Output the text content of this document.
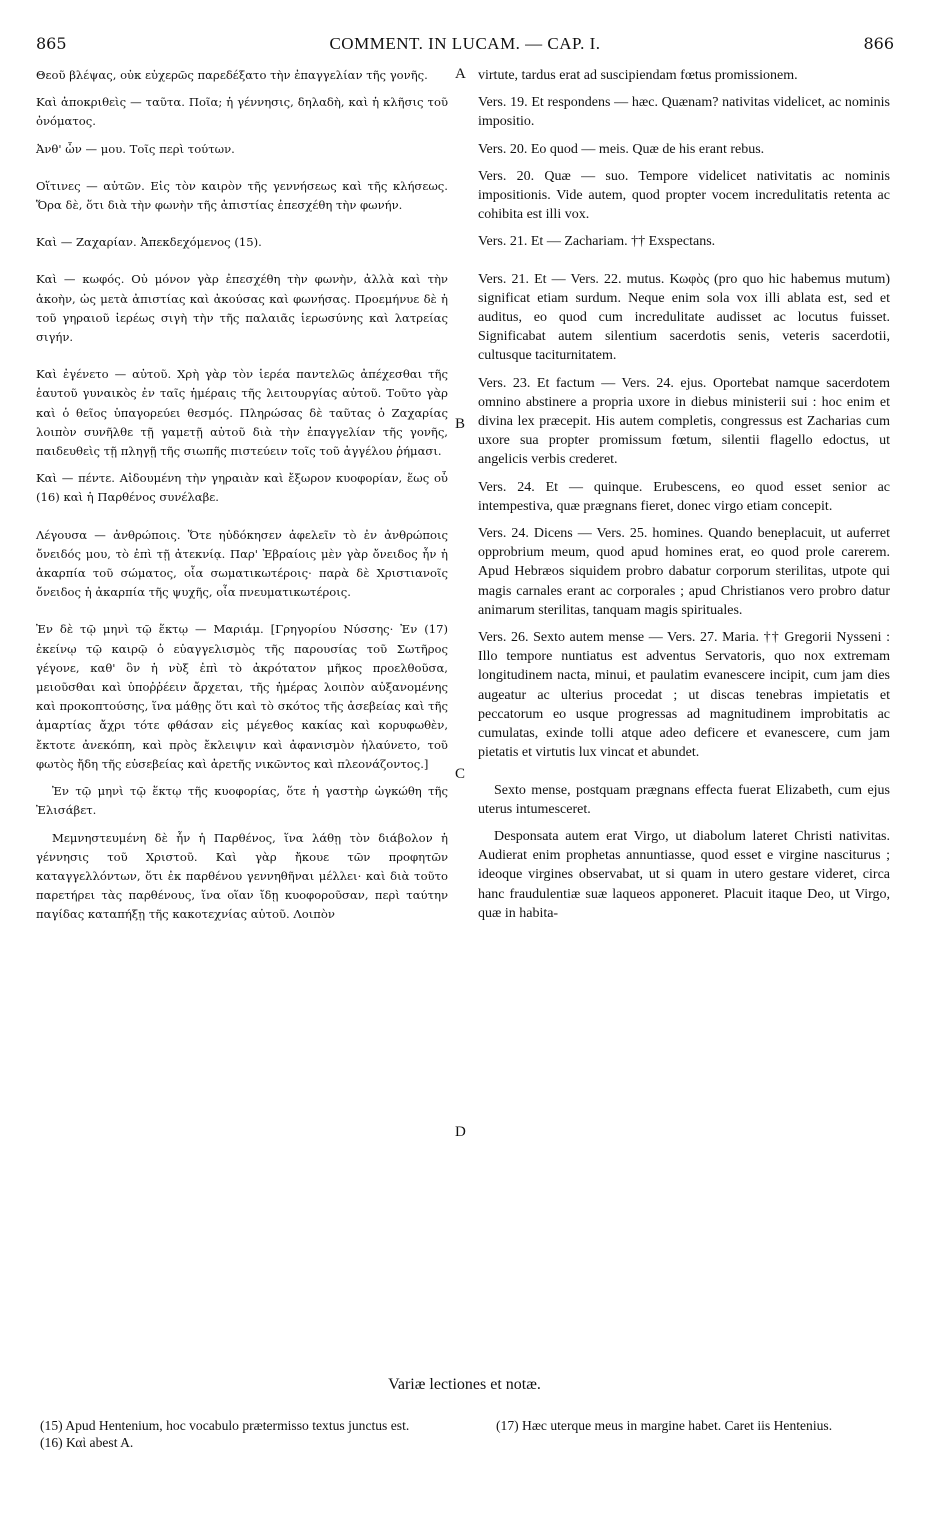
865	COMMENT. IN LUCAM. — CAP. I.	866

Θεοῦ βλέψας, οὐκ εὐχερῶς παρεδέξατο τὴν ἐπαγγελίαν τῆς γονῆς.

Καὶ ἀποκριθεὶς — ταῦτα. Ποῖα; ἡ γέννησις, δηλαδὴ, καὶ ἡ κλῆσις τοῦ ὀνόματος.

Ἀνθ' ὧν — μου. Τοῖς περὶ τούτων.

Οἵτινες — αὐτῶν. Εἰς τὸν καιρὸν τῆς γεννήσεως καὶ τῆς κλήσεως. Ὅρα δὲ, ὅτι διὰ τὴν φωνὴν τῆς ἀπιστίας ἐπεσχέθη τὴν φωνήν.

Καὶ — Ζαχαρίαν. Ἀπεκδεχόμενος (15).

Καὶ — κωφός. Οὐ μόνον γὰρ ἐπεσχέθη τὴν φωνὴν, ἀλλὰ καὶ τὴν ἀκοὴν, ὡς μετὰ ἀπιστίας καὶ ἀκούσας καὶ φωνήσας. Προεμήνυε δὲ ἡ τοῦ γηραιοῦ ἱερέως σιγὴ τὴν τῆς παλαιᾶς ἱερωσύνης καὶ λατρείας σιγήν.

Καὶ ἐγένετο — αὐτοῦ. Χρὴ γὰρ τὸν ἱερέα παντελῶς ἀπέχεσθαι τῆς ἑαυτοῦ γυναικὸς ἐν ταῖς ἡμέραις τῆς λειτουργίας αὐτοῦ. Τοῦτο γὰρ καὶ ὁ θεῖος ὑπαγορεύει θεσμός. Πληρώσας δὲ ταῦτας ὁ Ζαχαρίας λοιπὸν συνῆλθε τῇ γαμετῇ αὐτοῦ διὰ τὴν ἐπαγγελίαν τῆς γονῆς, παιδευθεὶς τῇ πληγῇ τῆς σιωπῆς πιστεύειν τοῖς τοῦ ἀγγέλου ῥήμασι.

Καὶ — πέντε. Αἰδουμένη τὴν γηραιὰν καὶ ἔξωρον κυοφορίαν, ἕως οὗ (16) καὶ ἡ Παρθένος συνέλαβε.

Λέγουσα — ἀνθρώποις. Ὅτε ηὐδόκησεν ἀφελεῖν τὸ ἐν ἀνθρώποις ὄνειδός μου, τὸ ἐπὶ τῇ ἀτεκνίᾳ. Παρ' Ἑβραίοις μὲν γὰρ ὄνειδος ἦν ἡ ἀκαρπία τοῦ σώματος, οἷα σωματικωτέροις· παρὰ δὲ Χριστιανοῖς ὄνειδος ἡ ἀκαρπία τῆς ψυχῆς, οἷα πνευματικωτέροις.

Ἐν δὲ τῷ μηνὶ τῷ ἕκτῳ — Μαριάμ. [Γρηγορίου Νύσσης· Ἐν (17) ἐκείνῳ τῷ καιρῷ ὁ εὐαγγελισμὸς τῆς παρουσίας τοῦ Σωτῆρος γέγονε, καθ' ὃν ἡ νὺξ ἐπὶ τὸ ἀκρότατον μῆκος προελθοῦσα, μειοῦσθαι καὶ ὑποῤῥέειν ἄρχεται, τῆς ἡμέρας λοιπὸν αὐξανομένης καὶ προκοπτούσης, ἵνα μάθῃς ὅτι καὶ τὸ σκότος τῆς ἀσεβείας καὶ τῆς ἁμαρτίας ἄχρι τότε φθάσαν εἰς μέγεθος κακίας καὶ κορυφωθὲν, ἔκτοτε ἀνεκόπη, καὶ πρὸς ἔκλειψιν καὶ ἀφανισμὸν ἠλαύνετο, τοῦ φωτὸς ἤδη τῆς εὐσεβείας καὶ ἀρετῆς νικῶντος καὶ πλεονάζοντος.]

Ἐν τῷ μηνὶ τῷ ἕκτῳ τῆς κυοφορίας, ὅτε ἡ γαστὴρ ὠγκώθη τῆς Ἐλισάβετ.

Μεμνηστευμένη δὲ ἦν ἡ Παρθένος, ἵνα λάθῃ τὸν διάβολον ἡ γέννησις τοῦ Χριστοῦ. Καὶ γὰρ ἤκουε τῶν προφητῶν καταγγελλόντων, ὅτι ἐκ παρθένου γεννηθῆναι μέλλει· καὶ διὰ τοῦτο παρετήρει τὰς παρθένους, ἵνα οἵαν ἴδῃ κυοφοροῦσαν, περὶ ταύτην παγίδας καταπήξῃ τῆς κακοτεχνίας αὐτοῦ. Λοιπὸν

virtute, tardus erat ad suscipiendam fœtus promissionem.

Vers. 19. Et respondens — hæc. Quænam? nativitas videlicet, ac nominis impositio.

Vers. 20. Eo quod — meis. Quæ de his erant rebus.

Vers. 20. Quæ — suo. Tempore videlicet nativitatis ac nominis impositionis. Vide autem, quod propter vocem incredulitatis retenta ac cohibita est illi vox.

Vers. 21. Et — Zachariam. †† Exspectans.

Vers. 21. Et — Vers. 22. mutus. Κωφὸς (pro quo hic habemus mutum) significat etiam surdum. Neque enim sola vox illi ablata est, sed et auditus, eo quod cum incredulitate audisset ac locutus fuisset. Significabat autem silentium sacerdotis senis, veteris sacerdotii, cultusque taciturnitatem.

Vers. 23. Et factum — Vers. 24. ejus. Oportebat namque sacerdotem omnino abstinere a propria uxore in diebus ministerii sui : hoc enim et divina lex præcepit. His autem completis, congressus est Zacharias cum uxore sua propter promissum fœtum, silentii flagello edoctus, ut angelicis verbis crederet.

Vers. 24. Et — quinque. Erubescens, eo quod esset senior ac intempestiva, quæ prægnans fieret, donec virgo etiam concepit.

Vers. 24. Dicens — Vers. 25. homines. Quando beneplacuit, ut auferret opprobrium meum, quod apud homines erat, eo quod prole carerem. Apud Hebræos siquidem probro dabatur corporum sterilitas, utpote qui magis carnales erant ac corporales ; apud Christianos vero probro datur animarum sterilitas, tanquam magis spirituales.

Vers. 26. Sexto autem mense — Vers. 27. Maria. †† Gregorii Nysseni : Illo tempore nuntiatus est adventus Servatoris, quo nox extremam longitudinem nacta, minui, et paulatim evanescere incipit, cum jam dies augeatur ac ulterius procedat ; ut discas tenebras impietatis et peccatorum eo usque progressas ad magnitudinem improbitatis ac cumulatas, exinde tolli atque adeo deficere et evanescere, cum jam pietatis et virtutis lux vincat et abundet.

Sexto mense, postquam prægnans effecta fuerat Elizabeth, cum ejus uterus intumesceret.

Desponsata autem erat Virgo, ut diabolum lateret Christi nativitas. Audierat enim prophetas annuntiasse, quod esset e virgine nasciturus ; ideoque virgines observabat, ut si quam in utero gestare videret, circa hanc fraudulentiæ suæ laqueos apponeret. Placuit itaque Deo, ut Virgo, quæ in habita-

A
B
C
D
Variæ lectiones et notæ.

(15) Apud Hentenium, hoc vocabulo prætermisso textus junctus est.

(16) Καὶ abest A.

(17) Hæc uterque meus in margine habet. Caret iis Hentenius.
